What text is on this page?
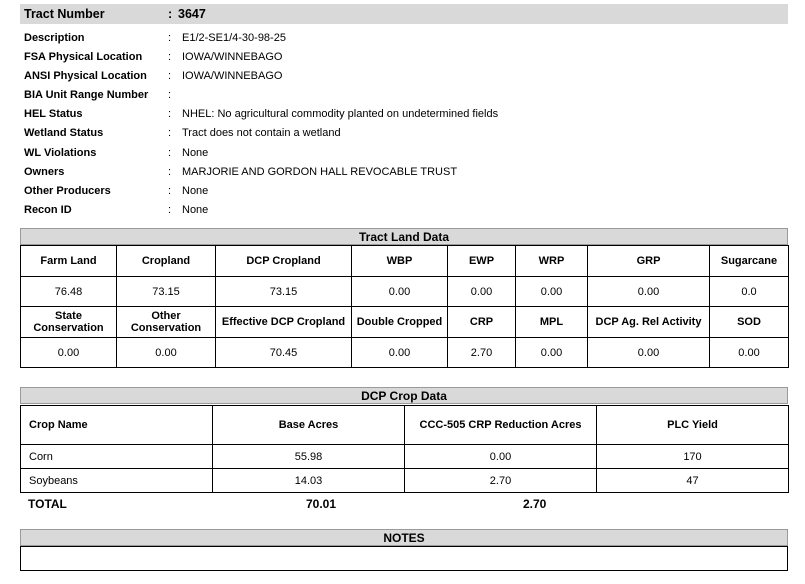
Tract Number	: 3647
Description	: E1/2-SE1/4-30-98-25
FSA Physical Location : IOWA/WINNEBAGO
ANSI Physical Location : IOWA/WINNEBAGO
BIA Unit Range Number :
HEL Status	: NHEL: No agricultural commodity planted on undetermined fields
Wetland Status	: Tract does not contain a wetland
WL Violations	: None
Owners	: MARJORIE AND GORDON HALL REVOCABLE TRUST
Other Producers	: None
Recon ID	: None
Tract Land Data
Farm Land	Cropland	DCP Cropland	WBP	EWP	WRP	GRP	Sugarcane
76.48	73.15	73.15	0.00	0.00	0.00	0.00	0.0
State Conservation	Other Conservation	Effective DCP Cropland	Double Cropped	CRP	MPL	DCP Ag. Rel Activity	SOD
0.00	0.00	70.45	0.00	2.70	0.00	0.00	0.00
DCP Crop Data
Crop Name	Base Acres	CCC-505 CRP Reduction Acres	PLC Yield
Corn	55.98	0.00	170
Soybeans	14.03	2.70	47
TOTAL	70.01	2.70
NOTES
